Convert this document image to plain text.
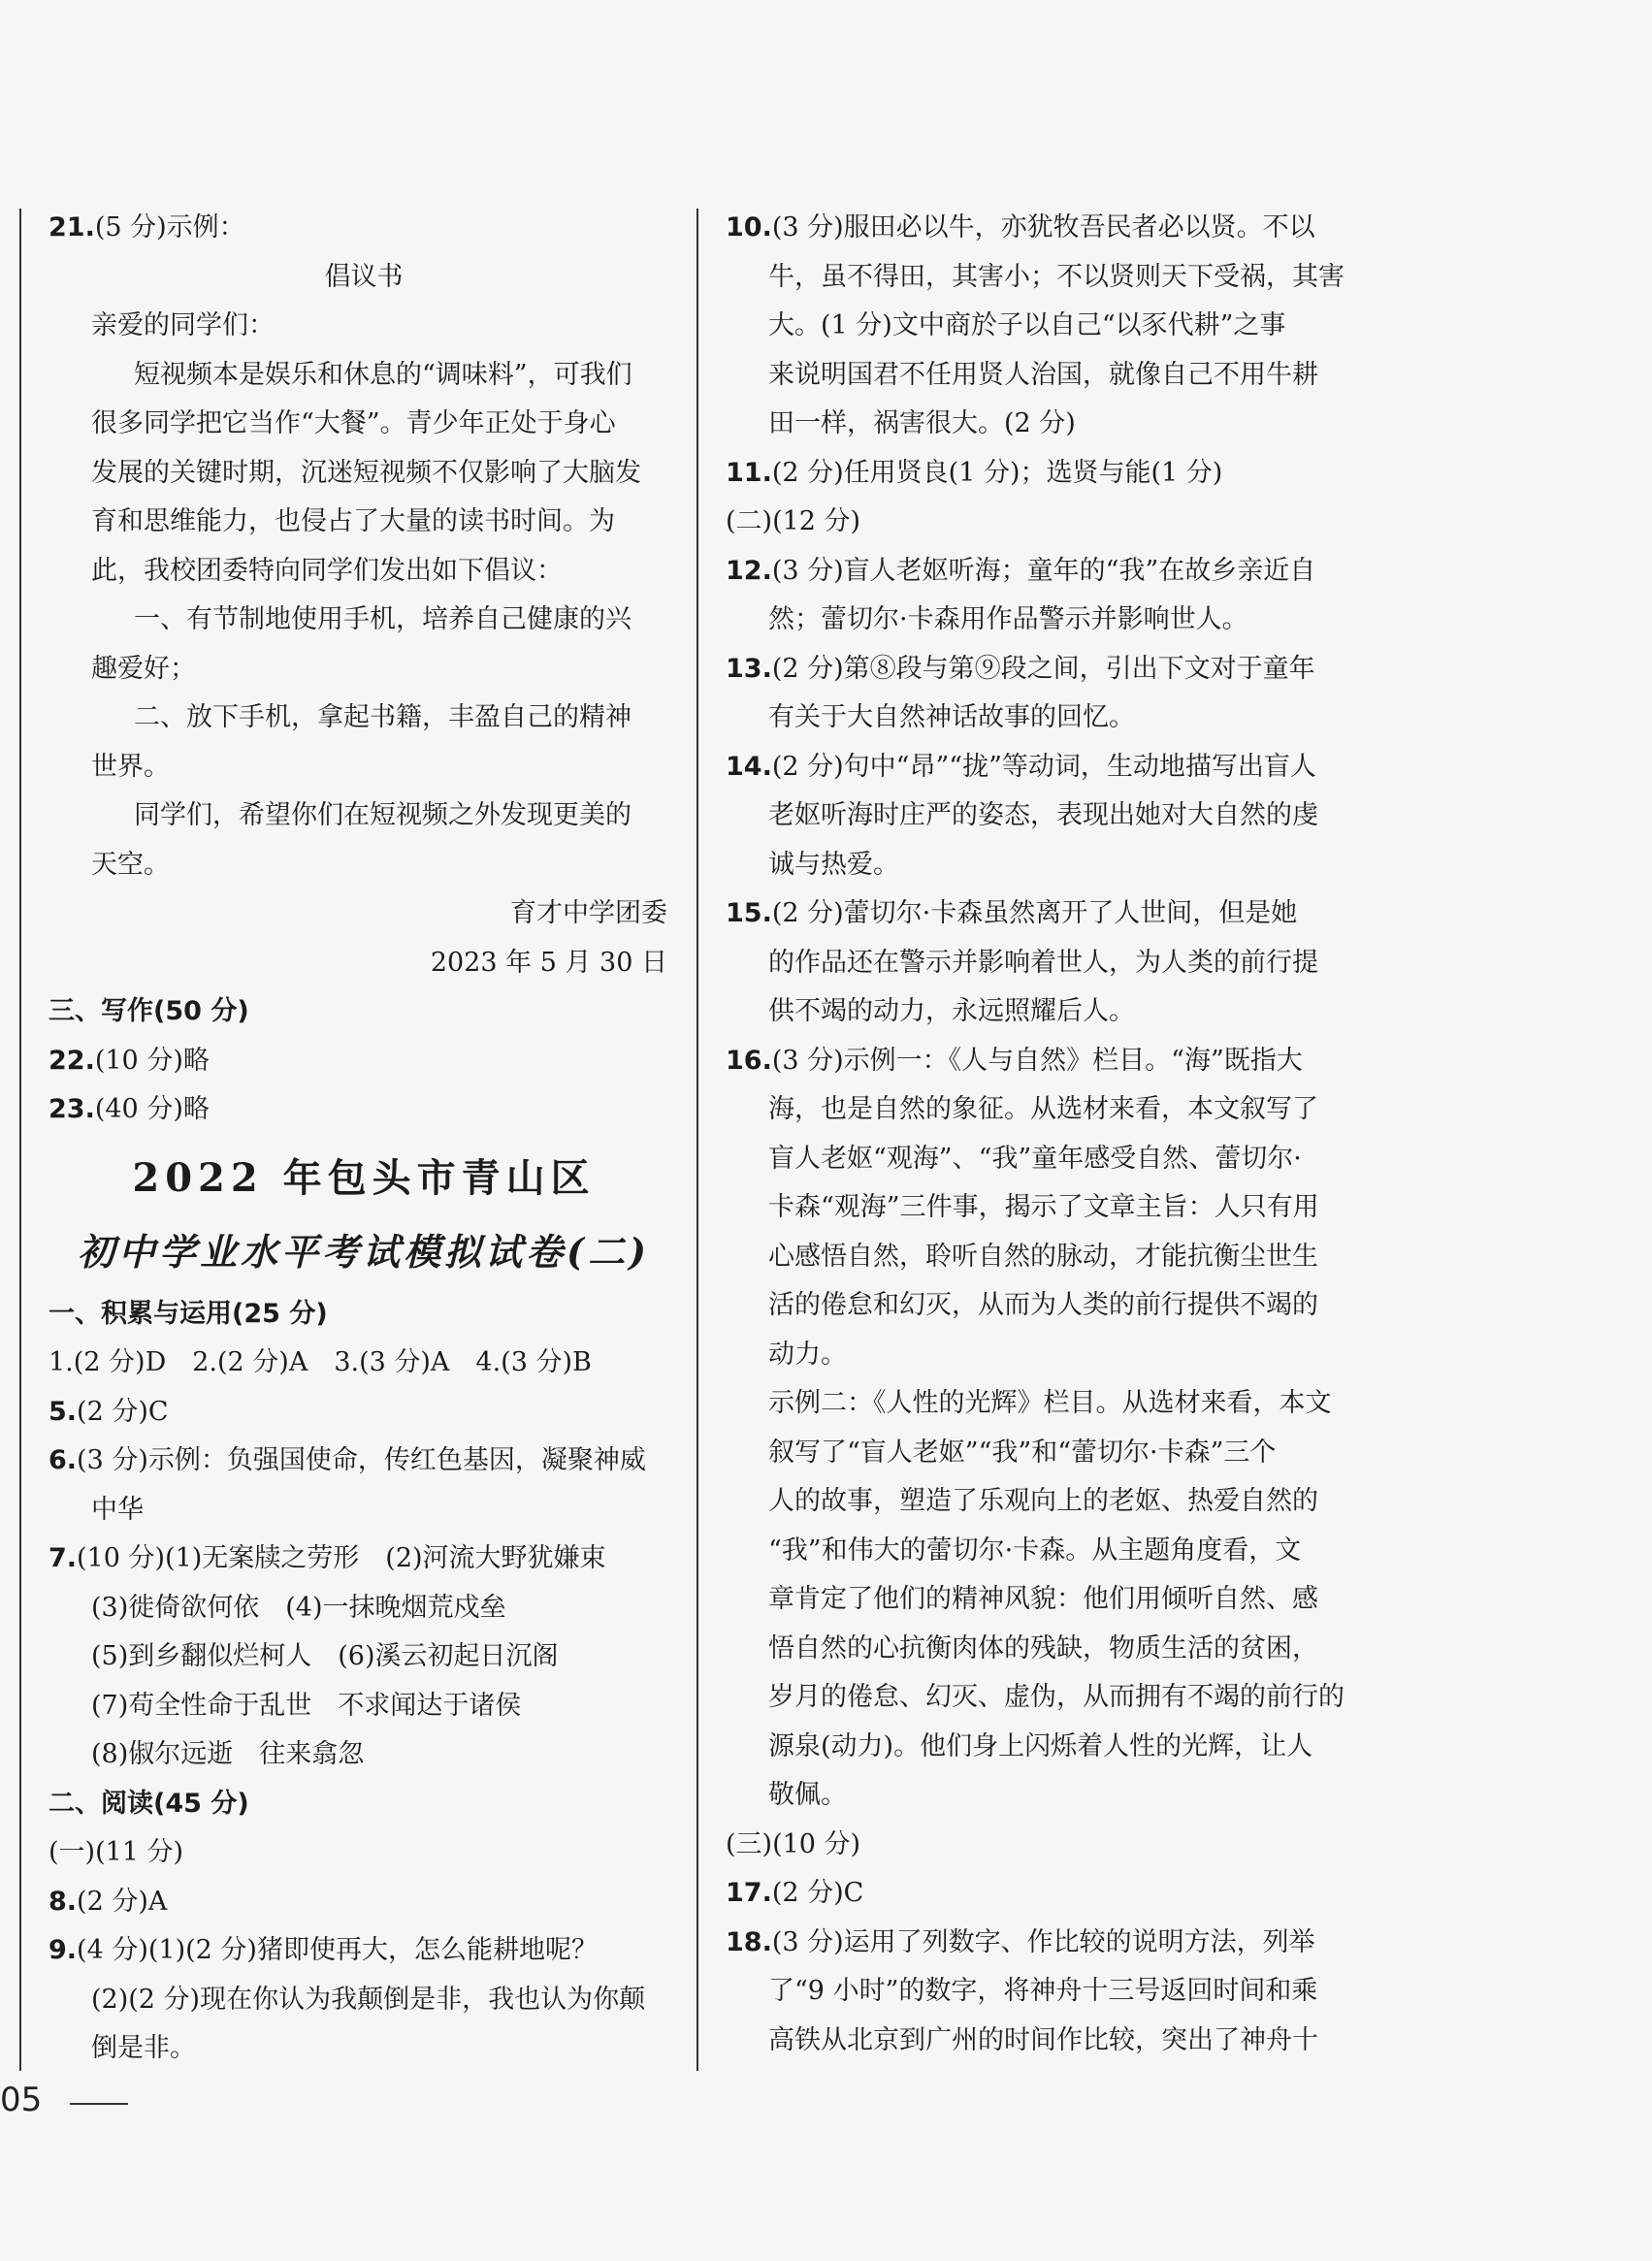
21.(5 分)示例：
倡议书
亲爱的同学们：
短视频本是娱乐和休息的“调味料”，可我们
很多同学把它当作“大餐”。青少年正处于身心
发展的关键时期，沉迷短视频不仅影响了大脑发
育和思维能力，也侵占了大量的读书时间。为
此，我校团委特向同学们发出如下倡议：
一、有节制地使用手机，培养自己健康的兴
趣爱好；
二、放下手机，拿起书籍，丰盈自己的精神
世界。
同学们，希望你们在短视频之外发现更美的
天空。
育才中学团委
2023 年 5 月 30 日
三、写作(50 分)
22.(10 分)略
23.(40 分)略
2022 年包头市青山区
初中学业水平考试模拟试卷(二)
一、积累与运用(25 分)
1.(2 分)D　2.(2 分)A　3.(3 分)A　4.(3 分)B
5.(2 分)C
6.(3 分)示例：负强国使命，传红色基因，凝聚神威
中华
7.(10 分)(1)无案牍之劳形　(2)河流大野犹嫌束
(3)徙倚欲何依　(4)一抹晚烟荒戍垒
(5)到乡翻似烂柯人　(6)溪云初起日沉阁
(7)苟全性命于乱世　不求闻达于诸侯
(8)俶尔远逝　往来翕忽
二、阅读(45 分)
(一)(11 分)
8.(2 分)A
9.(4 分)(1)(2 分)猪即使再大，怎么能耕地呢？
(2)(2 分)现在你认为我颠倒是非，我也认为你颠
倒是非。
10.(3 分)服田必以牛，亦犹牧吾民者必以贤。不以
牛，虽不得田，其害小；不以贤则天下受祸，其害
大。(1 分)文中商於子以自己“以豕代耕”之事
来说明国君不任用贤人治国，就像自己不用牛耕
田一样，祸害很大。(2 分)
11.(2 分)任用贤良(1 分)；选贤与能(1 分)
(二)(12 分)
12.(3 分)盲人老妪听海；童年的“我”在故乡亲近自
然；蕾切尔·卡森用作品警示并影响世人。
13.(2 分)第⑧段与第⑨段之间，引出下文对于童年
有关于大自然神话故事的回忆。
14.(2 分)句中“昂”“拢”等动词，生动地描写出盲人
老妪听海时庄严的姿态，表现出她对大自然的虔
诚与热爱。
15.(2 分)蕾切尔·卡森虽然离开了人世间，但是她
的作品还在警示并影响着世人，为人类的前行提
供不竭的动力，永远照耀后人。
16.(3 分)示例一：《人与自然》栏目。“海”既指大
海，也是自然的象征。从选材来看，本文叙写了
盲人老妪“观海”、“我”童年感受自然、蕾切尔·
卡森“观海”三件事，揭示了文章主旨：人只有用
心感悟自然，聆听自然的脉动，才能抗衡尘世生
活的倦怠和幻灭，从而为人类的前行提供不竭的
动力。
示例二：《人性的光辉》栏目。从选材来看，本文
叙写了“盲人老妪”“我”和“蕾切尔·卡森”三个
人的故事，塑造了乐观向上的老妪、热爱自然的
“我”和伟大的蕾切尔·卡森。从主题角度看，文
章肯定了他们的精神风貌：他们用倾听自然、感
悟自然的心抗衡肉体的残缺，物质生活的贫困，
岁月的倦怠、幻灭、虚伪，从而拥有不竭的前行的
源泉(动力)。他们身上闪烁着人性的光辉，让人
敬佩。
(三)(10 分)
17.(2 分)C
18.(3 分)运用了列数字、作比较的说明方法，列举
了“9 小时”的数字，将神舟十三号返回时间和乘
高铁从北京到广州的时间作比较，突出了神舟十
05
